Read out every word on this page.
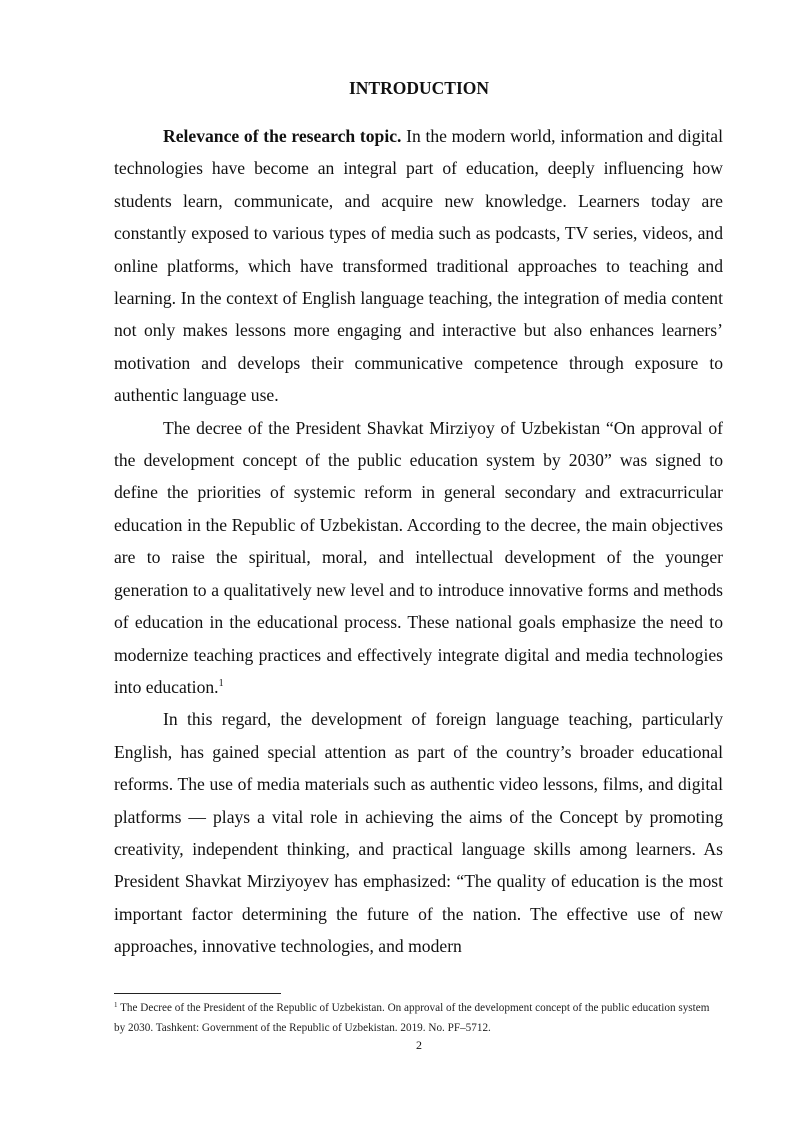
INTRODUCTION

Relevance of the research topic. In the modern world, information and digital technologies have become an integral part of education, deeply influencing how students learn, communicate, and acquire new knowledge. Learners today are constantly exposed to various types of media such as podcasts, TV series, videos, and online platforms, which have transformed traditional approaches to teaching and learning. In the context of English language teaching, the integration of media content not only makes lessons more engaging and interactive but also enhances learners’ motivation and develops their communicative competence through exposure to authentic language use.

The decree of the President Shavkat Mirziyoy of Uzbekistan “On approval of the development concept of the public education system by 2030” was signed to define the priorities of systemic reform in general secondary and extracurricular education in the Republic of Uzbekistan. According to the decree, the main objectives are to raise the spiritual, moral, and intellectual development of the younger generation to a qualitatively new level and to introduce innovative forms and methods of education in the educational process. These national goals emphasize the need to modernize teaching practices and effectively integrate digital and media technologies into education.$^1$

In this regard, the development of foreign language teaching, particularly English, has gained special attention as part of the country’s broader educational reforms. The use of media materials such as authentic video lessons, films, and digital platforms — plays a vital role in achieving the aims of the Concept by promoting creativity, independent thinking, and practical language skills among learners. As President Shavkat Mirziyoyev has emphasized: “The quality of education is the most important factor determining the future of the nation. The effective use of new approaches, innovative technologies, and modern

$^1$ The Decree of the President of the Republic of Uzbekistan. On approval of the development concept of the public education system by 2030. Tashkent: Government of the Republic of Uzbekistan. 2019. No. PF–5712.

2
